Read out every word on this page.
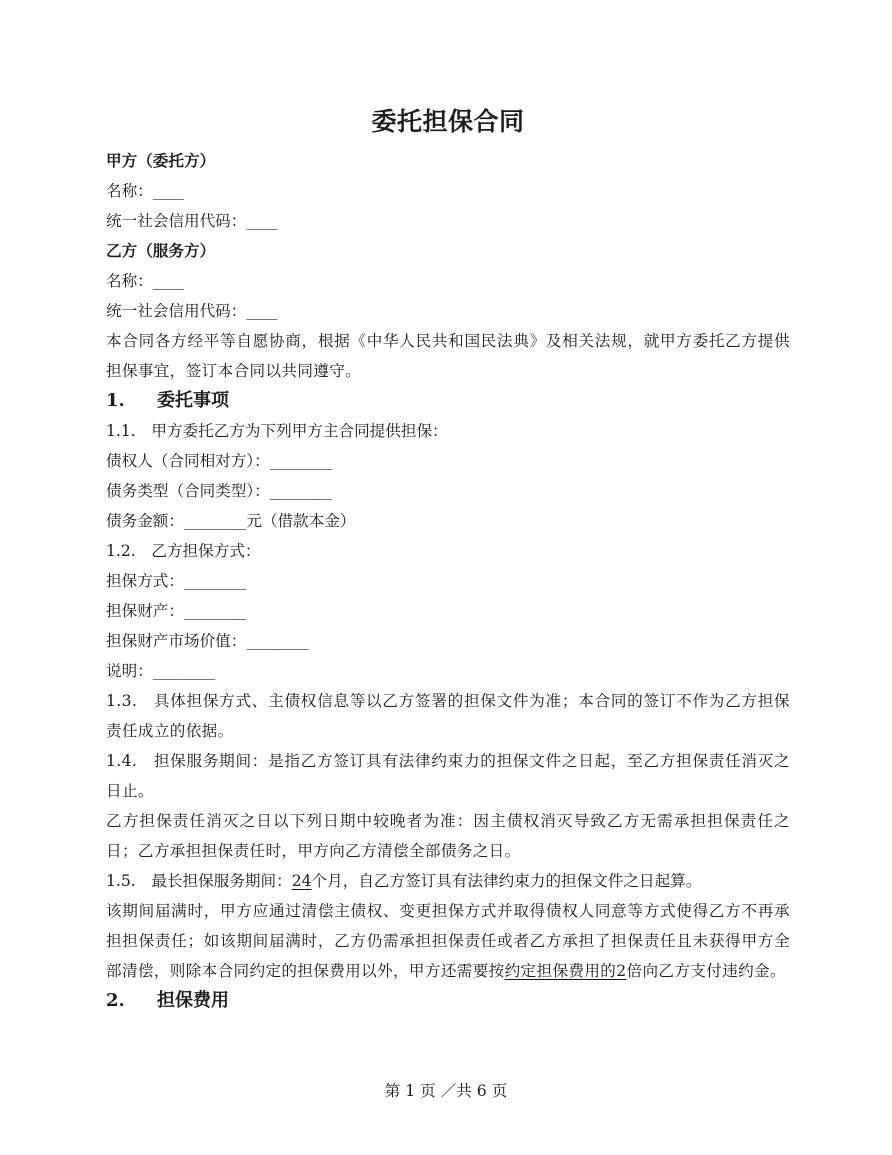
委托担保合同
甲方（委托方）
名称：____
统一社会信用代码：____
乙方（服务方）
名称：____
统一社会信用代码：____
本合同各方经平等自愿协商，根据《中华人民共和国民法典》及相关法规，就甲方委托乙方提供担保事宜，签订本合同以共同遵守。
1. 委托事项
1.1.　甲方委托乙方为下列甲方主合同提供担保：
债权人（合同相对方）：________
债务类型（合同类型）：________
债务金额：________元（借款本金）
1.2.　乙方担保方式：
担保方式：________
担保财产：________
担保财产市场价值：________
说明：________
1.3.　具体担保方式、主债权信息等以乙方签署的担保文件为准；本合同的签订不作为乙方担保责任成立的依据。
1.4.　担保服务期间：是指乙方签订具有法律约束力的担保文件之日起，至乙方担保责任消灭之日止。
乙方担保责任消灭之日以下列日期中较晚者为准：因主债权消灭导致乙方无需承担担保责任之日；乙方承担担保责任时，甲方向乙方清偿全部债务之日。
1.5.　最长担保服务期间：24个月，自乙方签订具有法律约束力的担保文件之日起算。
该期间届满时，甲方应通过清偿主债权、变更担保方式并取得债权人同意等方式使得乙方不再承担担保责任；如该期间届满时，乙方仍需承担担保责任或者乙方承担了担保责任且未获得甲方全部清偿，则除本合同约定的担保费用以外，甲方还需要按约定担保费用的2倍向乙方支付违约金。
2. 担保费用
第 1 页 ／共 6 页
